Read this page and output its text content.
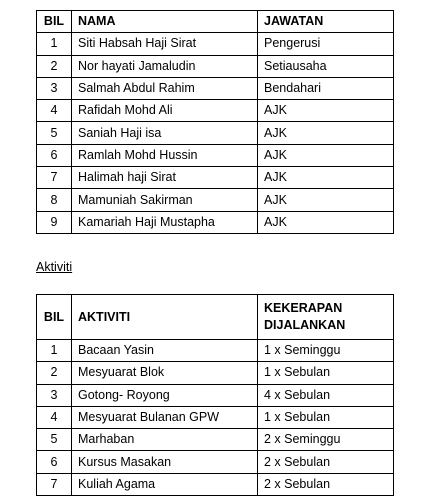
BIL	NAMA	JAWATAN
1	Siti Habsah Haji Sirat	Pengerusi
2	Nor hayati Jamaludin	Setiausaha
3	Salmah Abdul Rahim	Bendahari
4	Rafidah Mohd Ali	AJK
5	Saniah Haji isa	AJK
6	Ramlah Mohd Hussin	AJK
7	Halimah haji Sirat	AJK
8	Mamuniah Sakirman	AJK
9	Kamariah Haji Mustapha	AJK
Aktiviti
BIL	AKTIVITI	KEKERAPAN DIJALANKAN
1	Bacaan Yasin	1 x Seminggu
2	Mesyuarat Blok	1 x Sebulan
3	Gotong- Royong	4 x Sebulan
4	Mesyuarat Bulanan GPW	1 x Sebulan
5	Marhaban	2 x Seminggu
6	Kursus Masakan	2 x Sebulan
7	Kuliah Agama	2 x Sebulan
